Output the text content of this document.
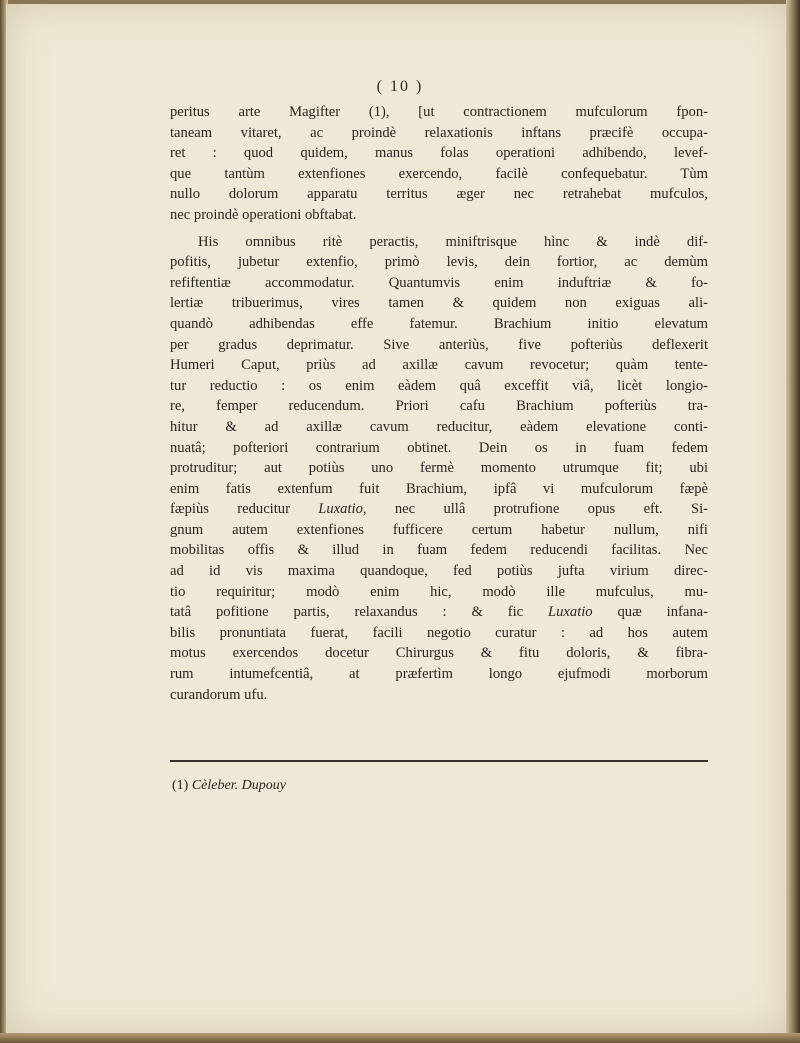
( 10 )
peritus arte Magifter (1), [ut contractionem mufculorum fpon-
taneam vitaret, ac proindè relaxationis inftans præcifè occupa-
ret : quod quidem, manus folas operationi adhibendo, levef-
que tantùm extenfiones exercendo, facilè confequebatur. Tùm
nullo dolorum apparatu territus æger nec retrahebat mufculos,
nec proindè operationi obftabat.
His omnibus ritè peractis, miniftrisque hìnc & indè dif-
pofitis, jubetur extenfio, primò levis, dein fortior, ac demùm
refiftentiæ accommodatur. Quantumvis enim induftriæ & fo-
lertiæ tribuerimus, vires tamen & quidem non exiguas ali-
quandò adhibendas effe fatemur. Brachium initio elevatum
per gradus deprimatur. Sive anteriùs, five pofteriùs deflexerit
Humeri Caput, priùs ad axillæ cavum revocetur; quàm tente-
tur reductio : os enim eàdem quâ exceffit viâ, licèt longio-
re, femper reducendum. Priori cafu Brachium pofteriùs tra-
hitur & ad axillæ cavum reducitur, eàdem elevatione conti-
nuatâ; pofteriori contrarium obtinet. Dein os in fuam fedem
protruditur; aut potiùs uno fermè momento utrumque fit; ubi
enim fatis extenfum fuit Brachium, ipfâ vi mufculorum fæpè
fæpiùs reducitur Luxatio, nec ullâ protrufione opus eft. Si-
gnum autem extenfiones fufficere certum habetur nullum, nifi
mobilitas offis & illud in fuam fedem reducendi facilitas. Nec
ad id vis maxima quandoque, fed potiùs jufta virium direc-
tio requiritur; modò enim hic, modò ille mufculus, mu-
tatâ pofitione partis, relaxandus : & fic Luxatio quæ infana-
bilis pronuntiata fuerat, facili negotio curatur : ad hos autem
motus exercendos docetur Chirurgus & fitu doloris, & fibra-
rum intumefcentiâ, at præfertìm longo ejufmodi morborum
curandorum ufu.
(1) Cèleber. Dupouy
